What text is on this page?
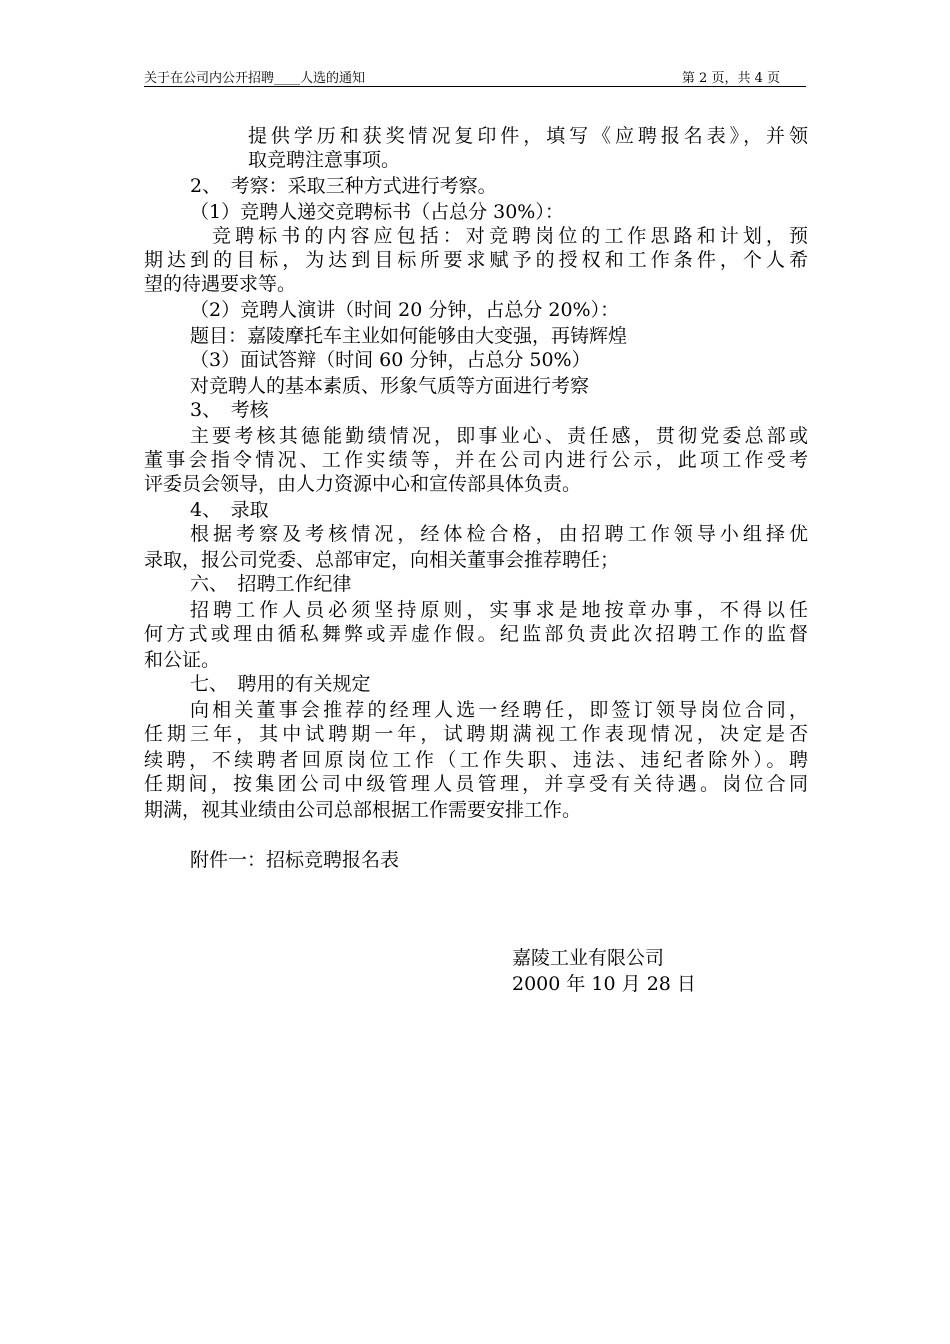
关于在公司内公开招聘____人选的通知	第 2 页，共 4 页
提供学历和获奖情况复印件，填写《应聘报名表》，并领
取竞聘注意事项。
2、　考察：采取三种方式进行考察。
（1）竞聘人递交竞聘标书（占总分 30%）：
竞聘标书的内容应包括：对竞聘岗位的工作思路和计划，预
期达到的目标，为达到目标所要求赋予的授权和工作条件，个人希
望的待遇要求等。
（2）竞聘人演讲（时间 20 分钟，占总分 20%）：
题目：嘉陵摩托车主业如何能够由大变强，再铸辉煌
（3）面试答辩（时间 60 分钟，占总分 50%）
对竞聘人的基本素质、形象气质等方面进行考察
3、　考核
主要考核其德能勤绩情况，即事业心、责任感，贯彻党委总部或
董事会指令情况、工作实绩等，并在公司内进行公示，此项工作受考
评委员会领导，由人力资源中心和宣传部具体负责。
4、　录取
根据考察及考核情况，经体检合格，由招聘工作领导小组择优
录取，报公司党委、总部审定，向相关董事会推荐聘任；
六、　招聘工作纪律
招聘工作人员必须坚持原则，实事求是地按章办事，不得以任
何方式或理由循私舞弊或弄虚作假。纪监部负责此次招聘工作的监督
和公证。
七、　聘用的有关规定
向相关董事会推荐的经理人选一经聘任，即签订领导岗位合同，
任期三年，其中试聘期一年，试聘期满视工作表现情况，决定是否
续聘，不续聘者回原岗位工作（工作失职、违法、违纪者除外）。聘
任期间，按集团公司中级管理人员管理，并享受有关待遇。岗位合同
期满，视其业绩由公司总部根据工作需要安排工作。
附件一：招标竞聘报名表
嘉陵工业有限公司
2000 年 10 月 28 日
